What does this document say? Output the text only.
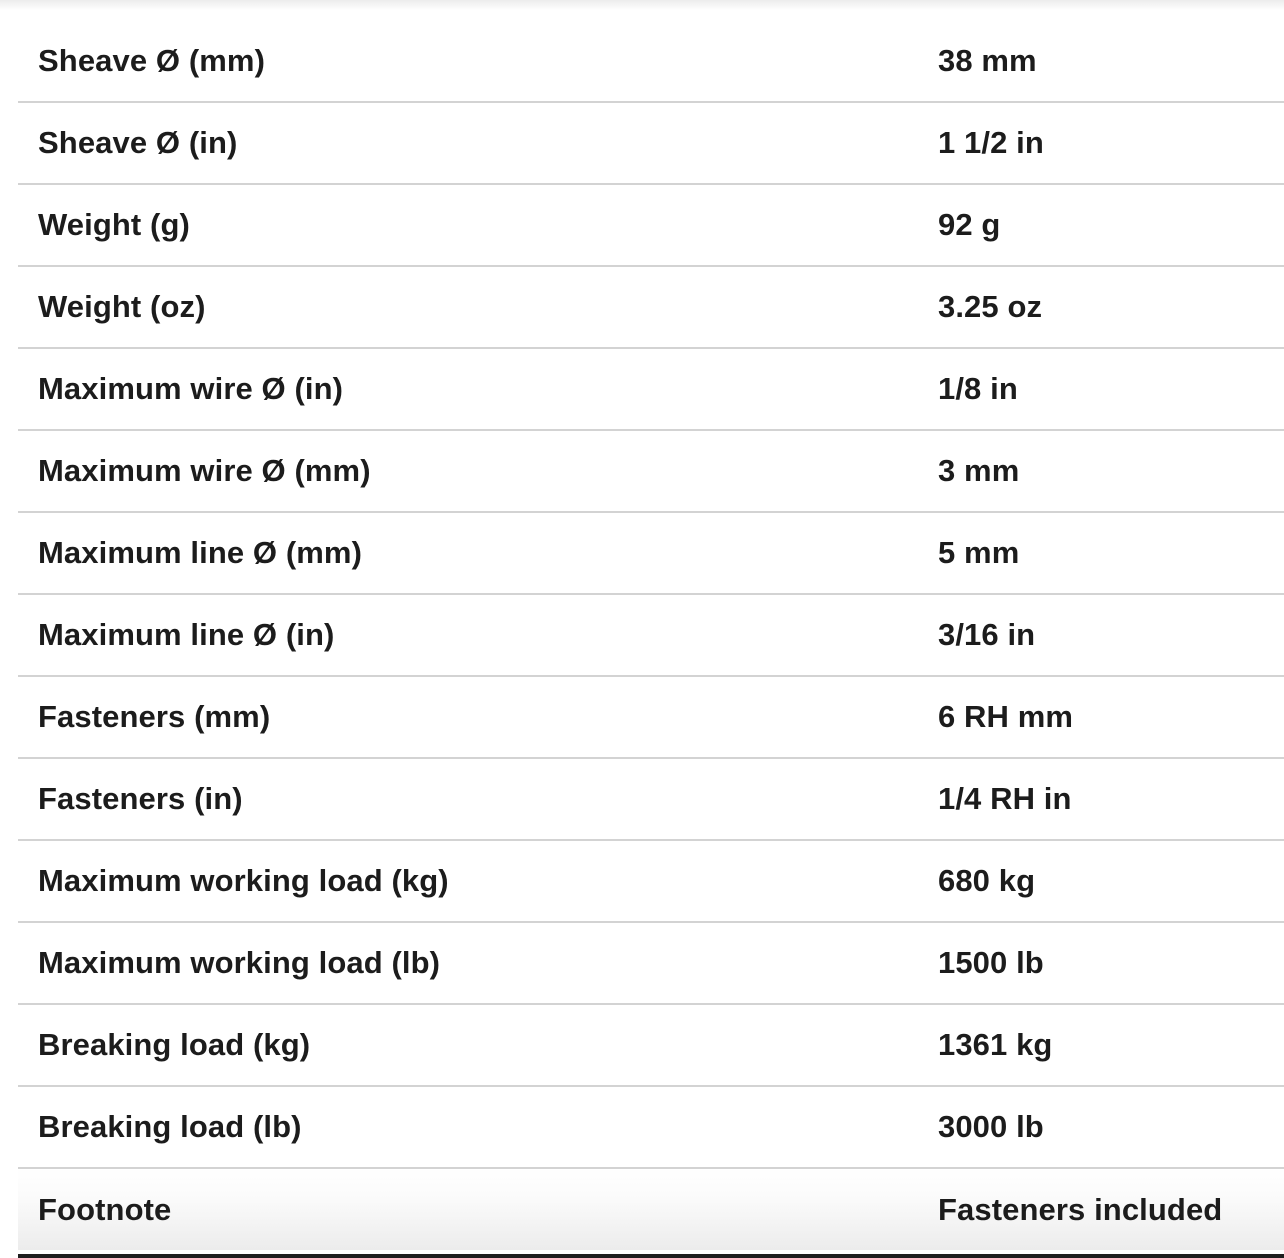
Sheave Ø (mm)	38 mm
Sheave Ø (in)	1 1/2 in
Weight (g)	92 g
Weight (oz)	3.25 oz
Maximum wire Ø (in)	1/8 in
Maximum wire Ø (mm)	3 mm
Maximum line Ø (mm)	5 mm
Maximum line Ø (in)	3/16 in
Fasteners (mm)	6 RH mm
Fasteners (in)	1/4 RH in
Maximum working load (kg)	680 kg
Maximum working load (lb)	1500 lb
Breaking load (kg)	1361 kg
Breaking load (lb)	3000 lb
Footnote	Fasteners included
